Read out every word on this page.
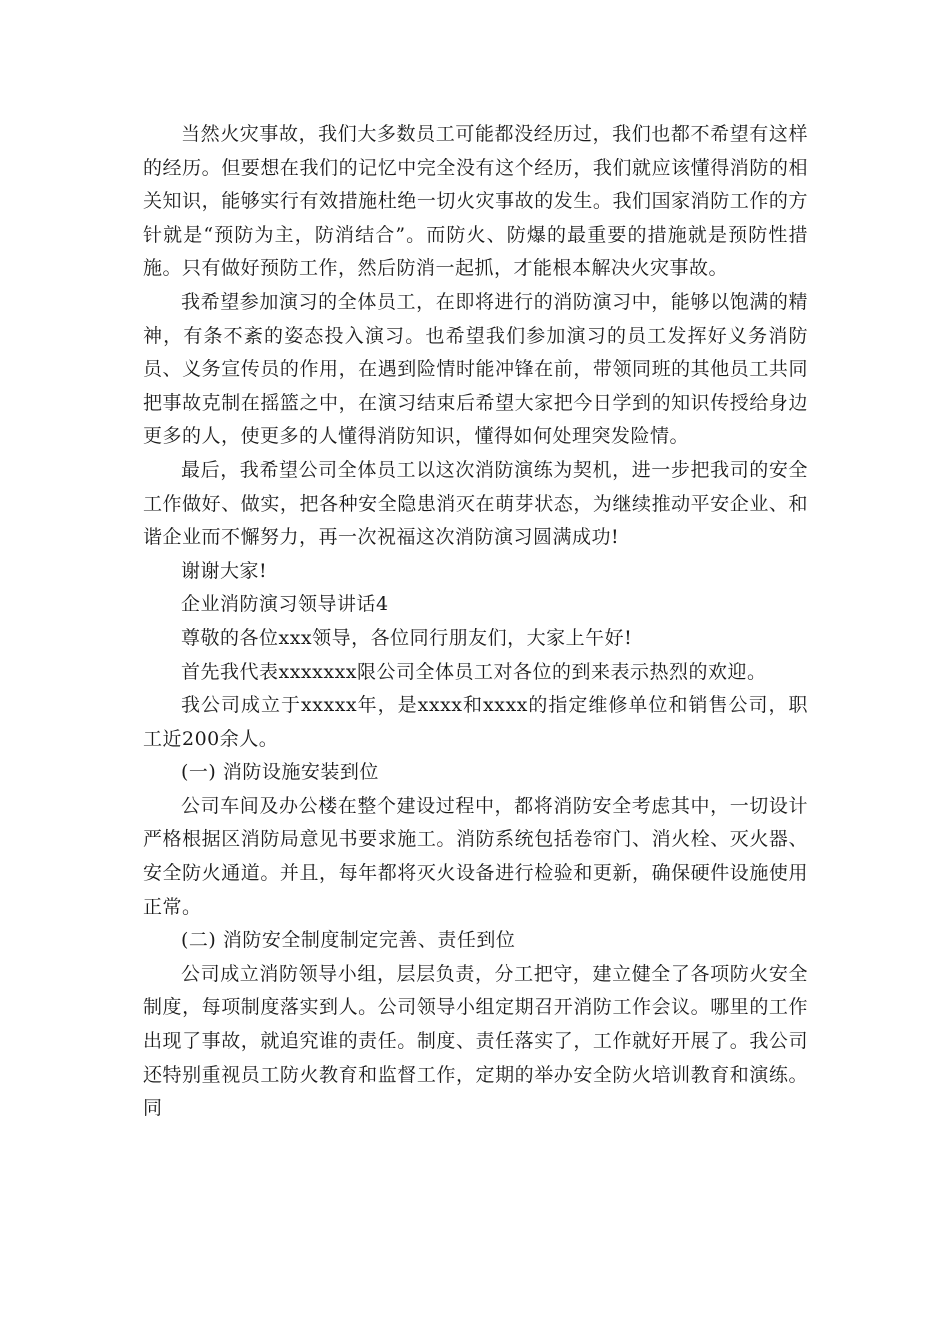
当然火灾事故，我们大多数员工可能都没经历过，我们也都不希望有这样的经历。但要想在我们的记忆中完全没有这个经历，我们就应该懂得消防的相关知识，能够实行有效措施杜绝一切火灾事故的发生。我们国家消防工作的方针就是“预防为主，防消结合”。而防火、防爆的最重要的措施就是预防性措施。只有做好预防工作，然后防消一起抓，才能根本解决火灾事故。

我希望参加演习的全体员工，在即将进行的消防演习中，能够以饱满的精神，有条不紊的姿态投入演习。也希望我们参加演习的员工发挥好义务消防员、义务宣传员的作用，在遇到险情时能冲锋在前，带领同班的其他员工共同把事故克制在摇篮之中，在演习结束后希望大家把今日学到的知识传授给身边更多的人，使更多的人懂得消防知识，懂得如何处理突发险情。

最后，我希望公司全体员工以这次消防演练为契机，进一步把我司的安全工作做好、做实，把各种安全隐患消灭在萌芽状态，为继续推动平安企业、和谐企业而不懈努力，再一次祝福这次消防演习圆满成功!

谢谢大家!

企业消防演习领导讲话4

尊敬的各位xxx领导，各位同行朋友们，大家上午好!

首先我代表xxxxxxx限公司全体员工对各位的到来表示热烈的欢迎。

我公司成立于xxxxx年，是xxxx和xxxx的指定维修单位和销售公司，职工近200余人。

(一) 消防设施安装到位

公司车间及办公楼在整个建设过程中，都将消防安全考虑其中，一切设计严格根据区消防局意见书要求施工。消防系统包括卷帘门、消火栓、灭火器、安全防火通道。并且，每年都将灭火设备进行检验和更新，确保硬件设施使用正常。

(二) 消防安全制度制定完善、责任到位

公司成立消防领导小组，层层负责，分工把守，建立健全了各项防火安全制度，每项制度落实到人。公司领导小组定期召开消防工作会议。哪里的工作出现了事故，就追究谁的责任。制度、责任落实了，工作就好开展了。我公司还特别重视员工防火教育和监督工作，定期的举办安全防火培训教育和演练。同
